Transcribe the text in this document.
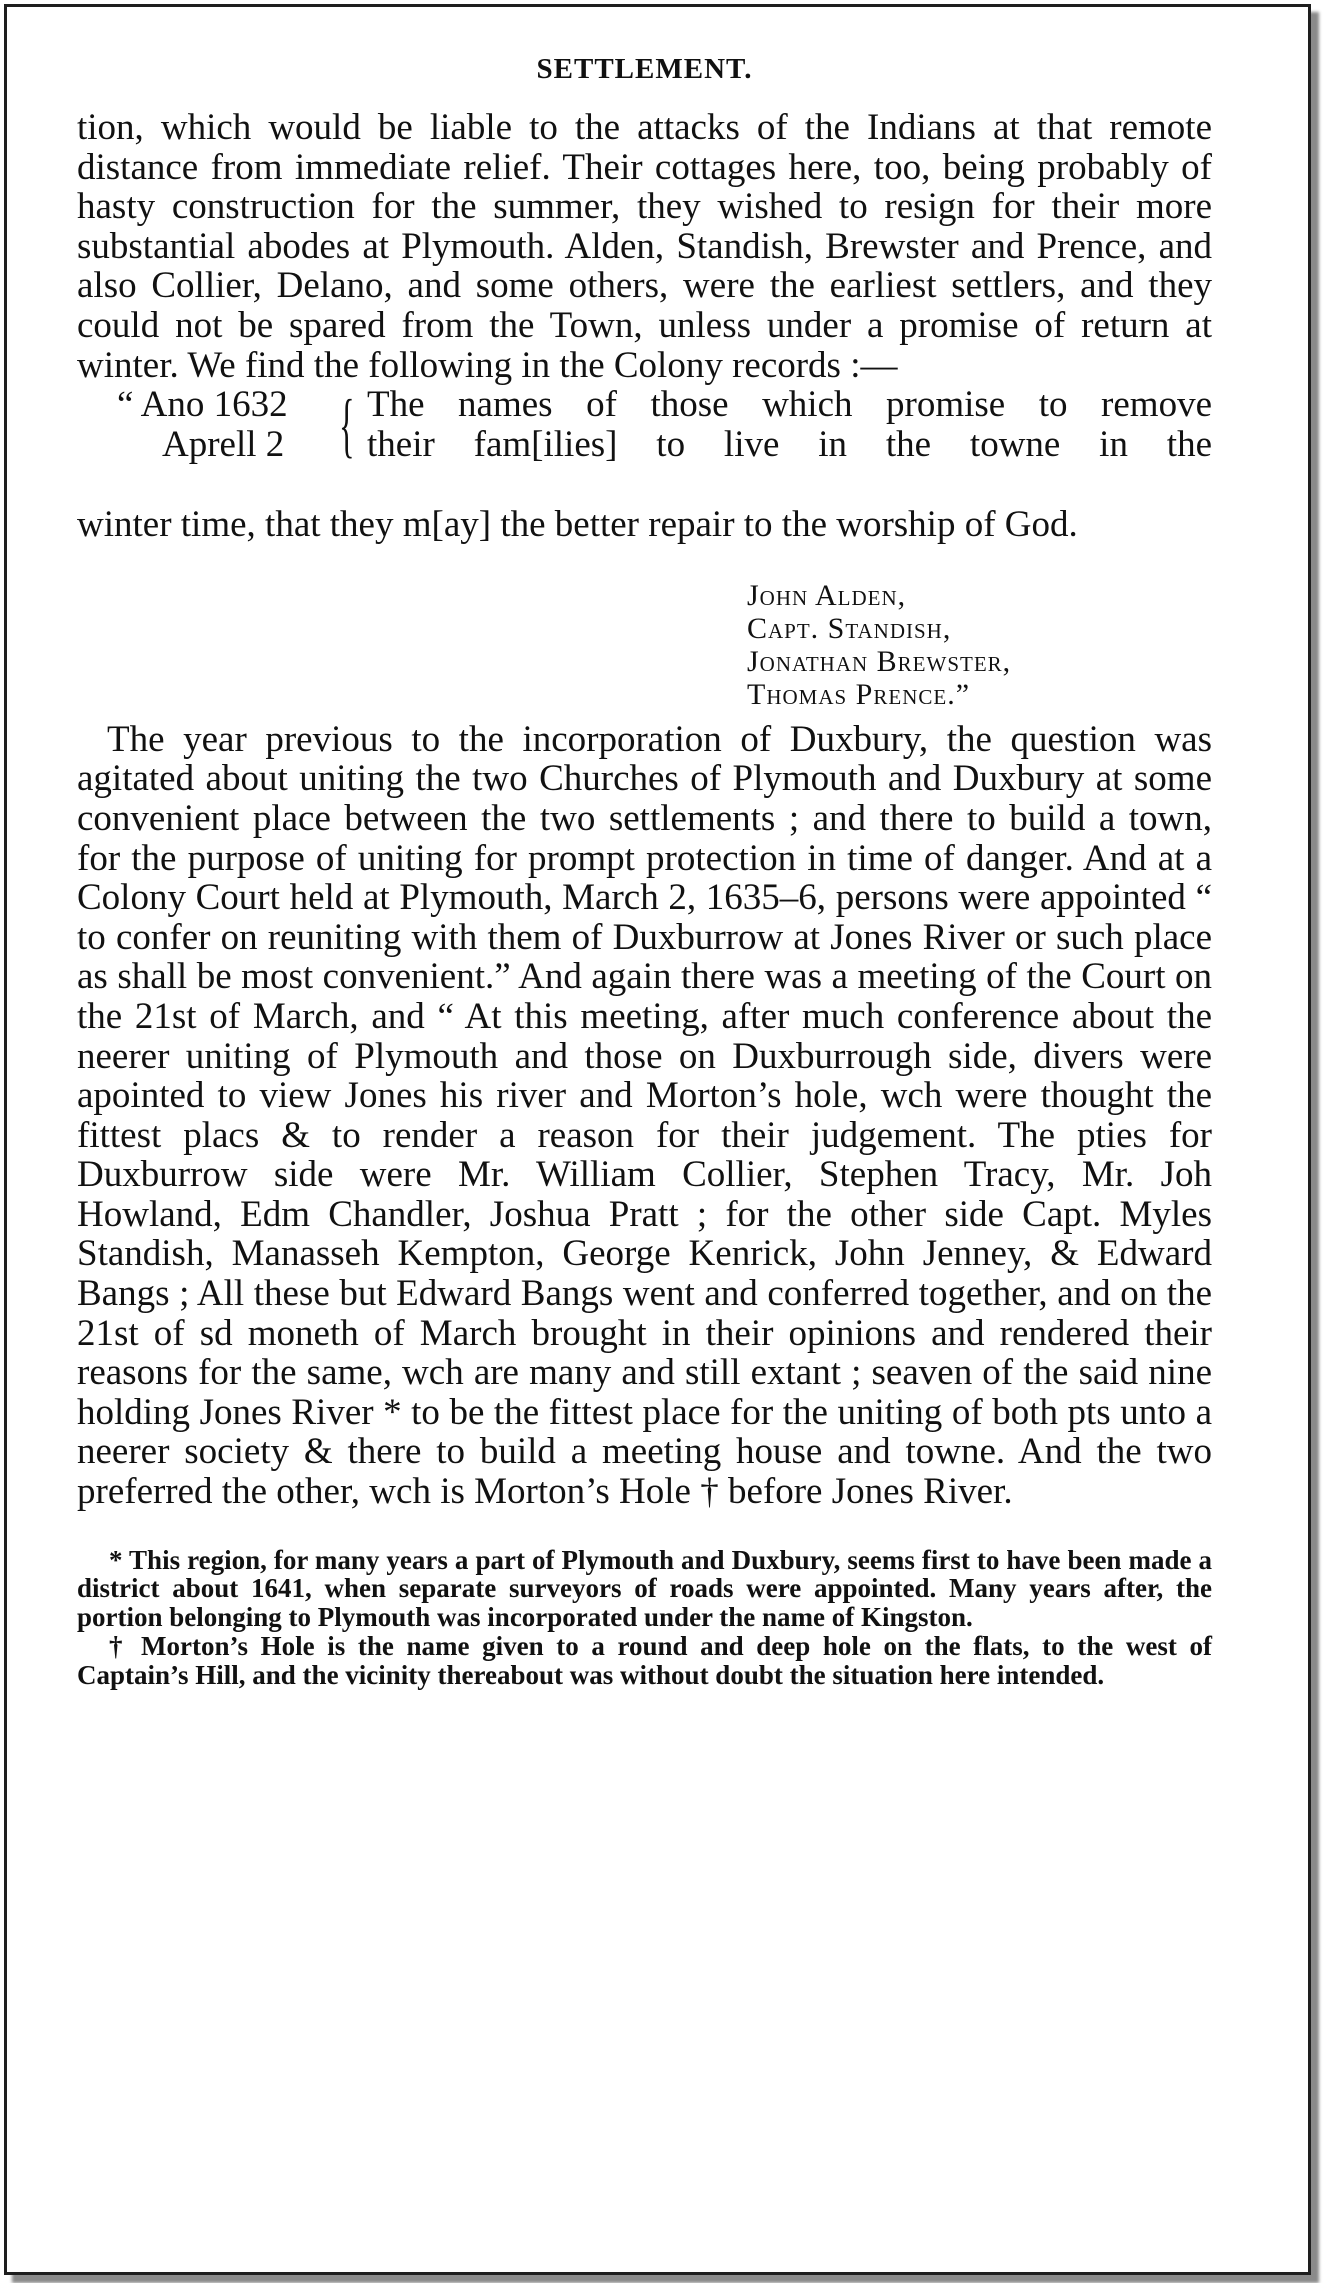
SETTLEMENT.

tion, which would be liable to the attacks of the Indians at that remote distance from immediate relief. Their cottages here, too, being probably of hasty construction for the summer, they wished to resign for their more substantial abodes at Plymouth. Alden, Standish, Brewster and Prence, and also Collier, Delano, and some others, were the earliest settlers, and they could not be spared from the Town, unless under a promise of return at winter. We find the following in the Colony records :—

“ Ano 1632
Aprell 2 { The names of those which promise to remove
their fam[ilies] to live in the towne in the

winter time, that they m[ay] the better repair to the worship of God.

John Alden,
Capt. Standish,
Jonathan Brewster,
Thomas Prence.”

The year previous to the incorporation of Duxbury, the question was agitated about uniting the two Churches of Plymouth and Duxbury at some convenient place between the two settlements ; and there to build a town, for the purpose of uniting for prompt protection in time of danger. And at a Colony Court held at Plymouth, March 2, 1635–6, persons were appointed “ to confer on reuniting with them of Duxburrow at Jones River or such place as shall be most convenient.” And again there was a meeting of the Court on the 21st of March, and “ At this meeting, after much conference about the neerer uniting of Plymouth and those on Duxburrough side, divers were apointed to view Jones his river and Morton’s hole, wch were thought the fittest placs & to render a reason for their judgement. The pties for Duxburrow side were Mr. William Collier, Stephen Tracy, Mr. Joh Howland, Edm Chandler, Joshua Pratt ; for the other side Capt. Myles Standish, Manasseh Kempton, George Kenrick, John Jenney, & Edward Bangs ; All these but Edward Bangs went and conferred together, and on the 21st of sd moneth of March brought in their opinions and rendered their reasons for the same, wch are many and still extant ; seaven of the said nine holding Jones River * to be the fittest place for the uniting of both pts unto a neerer society & there to build a meeting house and towne. And the two preferred the other, wch is Morton’s Hole † before Jones River.

* This region, for many years a part of Plymouth and Duxbury, seems first to have been made a district about 1641, when separate surveyors of roads were appointed. Many years after, the portion belonging to Plymouth was incorporated under the name of Kingston.

† Morton’s Hole is the name given to a round and deep hole on the flats, to the west of Captain’s Hill, and the vicinity thereabout was without doubt the situation here intended.
